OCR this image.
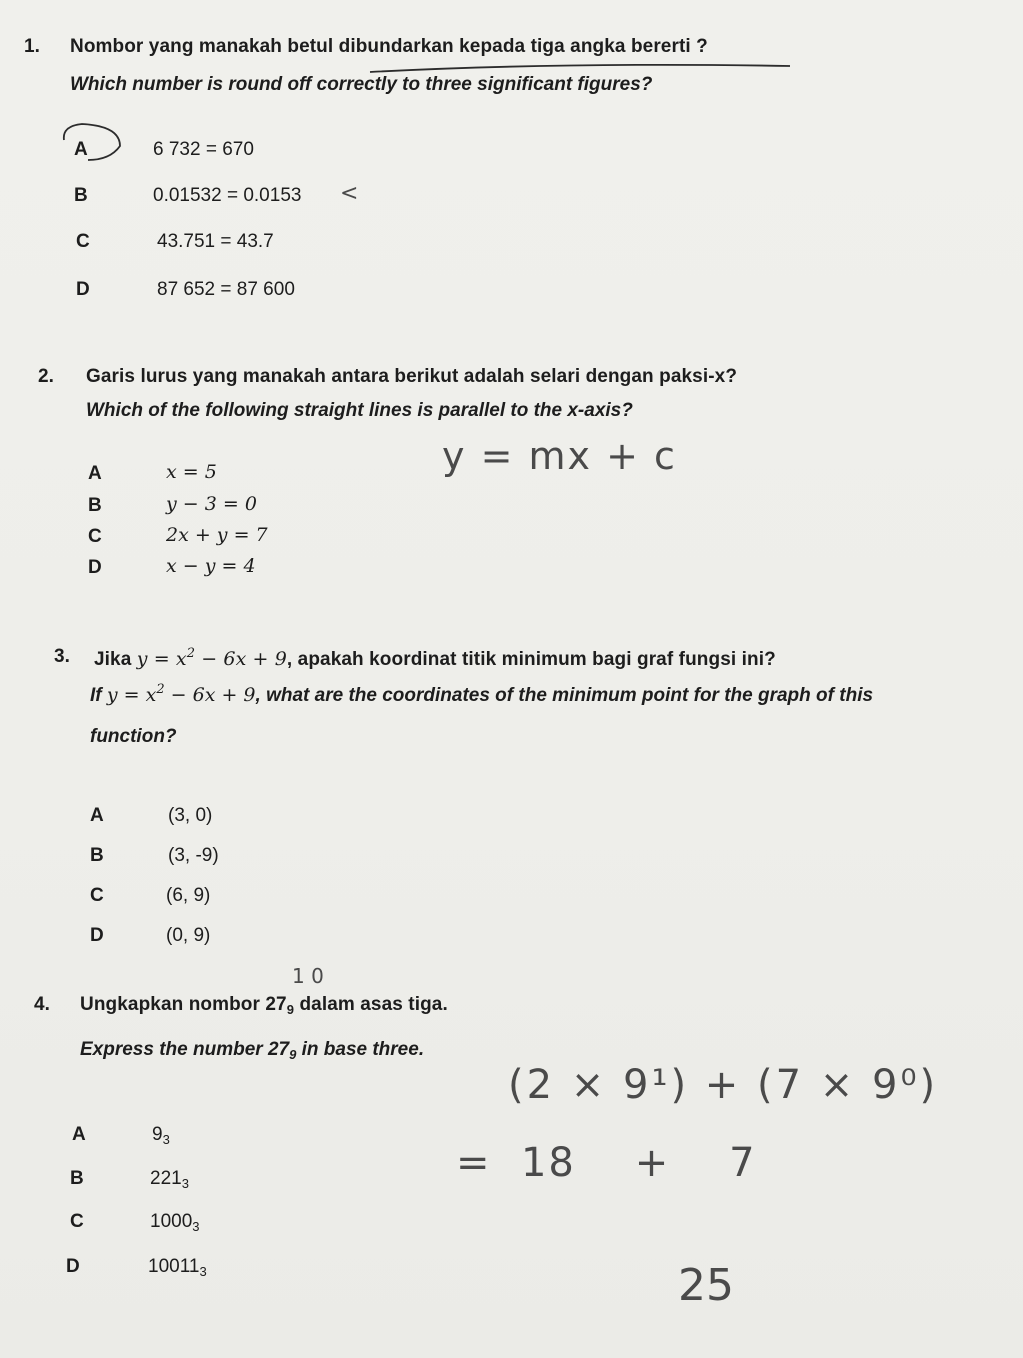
1. Nombor yang manakah betul dibundarkan kepada tiga angka bererti ?
Which number is round off correctly to three significant figures?
A	6 732 = 670
B	0.01532 = 0.0153
C	43.751 = 43.7
D	87 652 = 87 600
2. Garis lurus yang manakah antara berikut adalah selari dengan paksi-x?
Which of the following straight lines is parallel to the x-axis?
A	x = 5
B	y − 3 = 0
C	2x + y = 7
D	x − y = 4
3. Jika $y = x^2 - 6x + 9$, apakah koordinat titik minimum bagi graf fungsi ini?
If $y = x^2 - 6x + 9$, what are the coordinates of the minimum point for the graph of this
function?
A	(3, 0)
B	(3, -9)
C	(6, 9)
D	(0, 9)
4. Ungkapkan nombor $27_9$ dalam asas tiga.
Express the number $27_9$ in base three.
A	$9_3$
B	$221_3$
C	$1000_3$
D	$10011_3$
<
y = mx + c
1 0
(2 × 9¹) + (7 × 9⁰)
=  18    +    7
25
